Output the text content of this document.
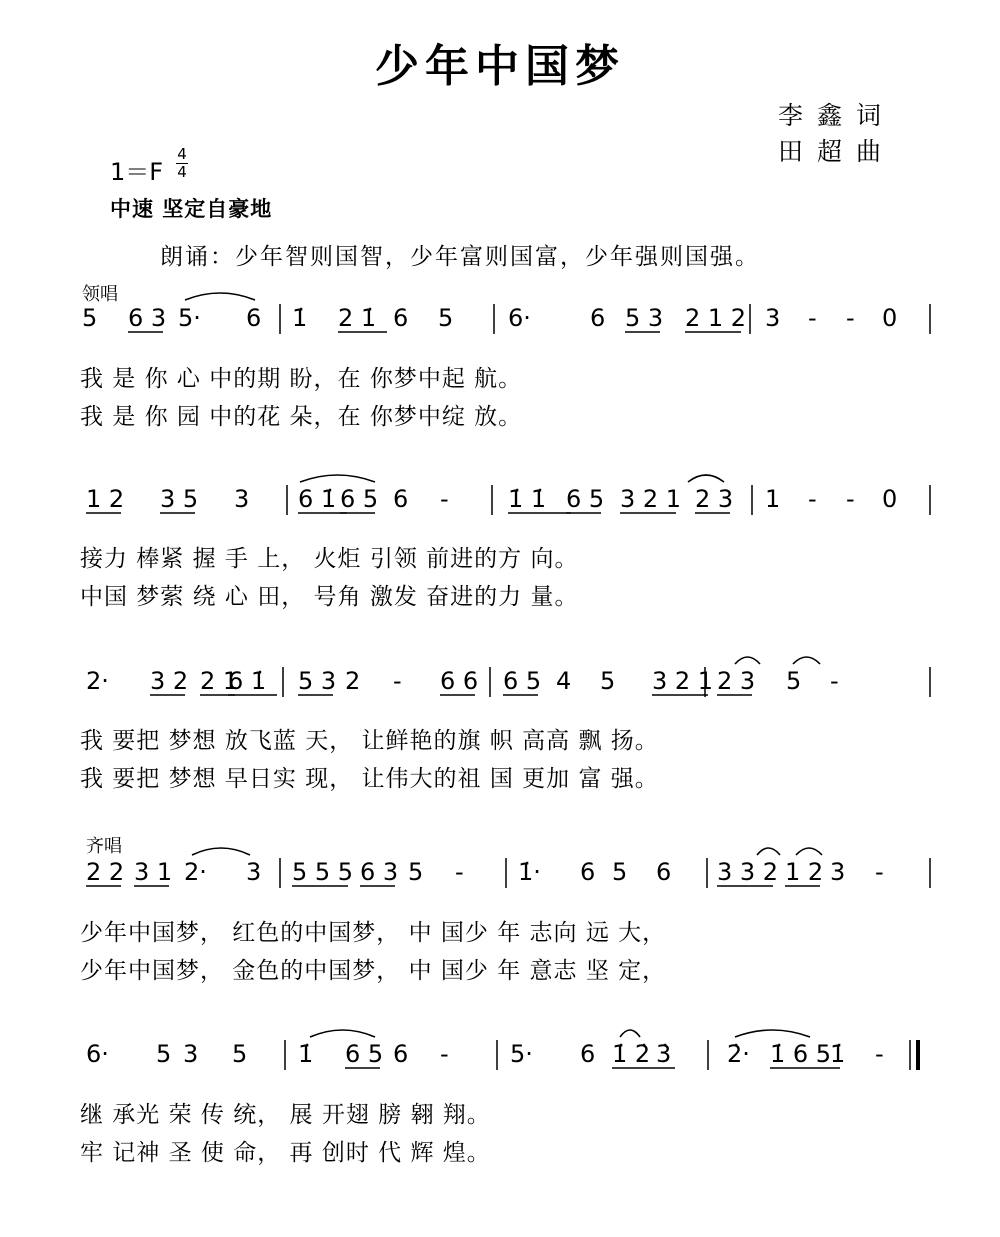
少年中国梦
李鑫词
田超曲
1＝F
4
4
中速 坚定自豪地
朗诵：少年智则国智，少年富则国富，少年强则国强。
领唱
齐唱
5 6 3 5· 6 1̇ 2 1̇ 6 5 6· 6 5 3 2 1 2 3 - - 0
1 2 3 5 3 6 1̇ 6 5 6 - 1̇ 1̇ 6 5 3 2 1 2 3 1 - - 0
2· 3 2 2 1
6 1̇ 5 3 2 - 6 6 6 5 4 5 3 2 1 2 3 5 -
2 2 3 1 2· 3 5 5 5 6 3 5 - 1̇· 6 5 6 3 3 2 1 2 3 -
6· 5 3 5 1̇ 6 5 6 -	5· 6 1̇ 2̇ 3̇ 2̇· 1̇ 6 5
1̇ -
我 是 你 心 中的期 盼，在 你梦中起 航。
我 是 你 园 中的花 朵，在 你梦中绽 放。
接力 棒紧 握 手 上， 火炬 引领 前进的方 向。
中国 梦萦 绕 心 田， 号角 激发 奋进的力 量。
我 要把 梦想 放飞蓝 天， 让鲜艳的旗 帜 高高 飘 扬。
我 要把 梦想 早日实 现， 让伟大的祖 国 更加 富 强。
少年中国梦， 红色的中国梦， 中 国少 年 志向 远 大，
少年中国梦， 金色的中国梦， 中 国少 年 意志 坚 定，
继 承光 荣 传 统， 展 开翅 膀 翱 翔。
牢 记神 圣 使 命， 再 创时 代 辉 煌。
